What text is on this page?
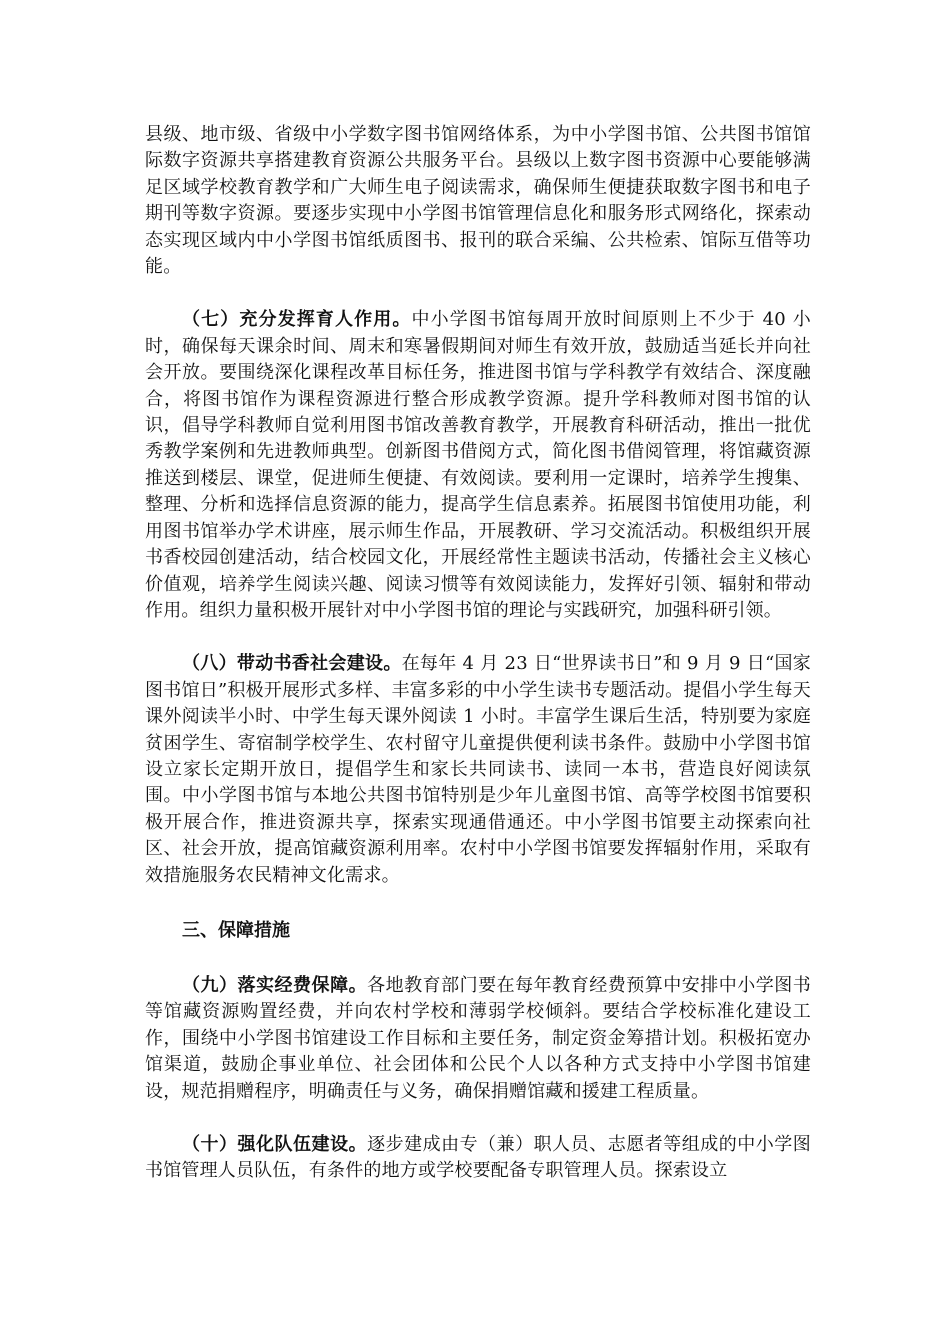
县级、地市级、省级中小学数字图书馆网络体系，为中小学图书馆、公共图书馆馆际数字资源共享搭建教育资源公共服务平台。县级以上数字图书资源中心要能够满足区域学校教育教学和广大师生电子阅读需求，确保师生便捷获取数字图书和电子期刊等数字资源。要逐步实现中小学图书馆管理信息化和服务形式网络化，探索动态实现区域内中小学图书馆纸质图书、报刊的联合采编、公共检索、馆际互借等功能。

（七）充分发挥育人作用。中小学图书馆每周开放时间原则上不少于 40 小时，确保每天课余时间、周末和寒暑假期间对师生有效开放，鼓励适当延长并向社会开放。要围绕深化课程改革目标任务，推进图书馆与学科教学有效结合、深度融合，将图书馆作为课程资源进行整合形成教学资源。提升学科教师对图书馆的认识，倡导学科教师自觉利用图书馆改善教育教学，开展教育科研活动，推出一批优秀教学案例和先进教师典型。创新图书借阅方式，简化图书借阅管理，将馆藏资源推送到楼层、课堂，促进师生便捷、有效阅读。要利用一定课时，培养学生搜集、整理、分析和选择信息资源的能力，提高学生信息素养。拓展图书馆使用功能，利用图书馆举办学术讲座，展示师生作品，开展教研、学习交流活动。积极组织开展书香校园创建活动，结合校园文化，开展经常性主题读书活动，传播社会主义核心价值观，培养学生阅读兴趣、阅读习惯等有效阅读能力，发挥好引领、辐射和带动作用。组织力量积极开展针对中小学图书馆的理论与实践研究，加强科研引领。

（八）带动书香社会建设。在每年 4 月 23 日“世界读书日”和 9 月 9 日“国家图书馆日”积极开展形式多样、丰富多彩的中小学生读书专题活动。提倡小学生每天课外阅读半小时、中学生每天课外阅读 1 小时。丰富学生课后生活，特别要为家庭贫困学生、寄宿制学校学生、农村留守儿童提供便利读书条件。鼓励中小学图书馆设立家长定期开放日，提倡学生和家长共同读书、读同一本书，营造良好阅读氛围。中小学图书馆与本地公共图书馆特别是少年儿童图书馆、高等学校图书馆要积极开展合作，推进资源共享，探索实现通借通还。中小学图书馆要主动探索向社区、社会开放，提高馆藏资源利用率。农村中小学图书馆要发挥辐射作用，采取有效措施服务农民精神文化需求。

三、保障措施

（九）落实经费保障。各地教育部门要在每年教育经费预算中安排中小学图书等馆藏资源购置经费，并向农村学校和薄弱学校倾斜。要结合学校标准化建设工作，围绕中小学图书馆建设工作目标和主要任务，制定资金筹措计划。积极拓宽办馆渠道，鼓励企事业单位、社会团体和公民个人以各种方式支持中小学图书馆建设，规范捐赠程序，明确责任与义务，确保捐赠馆藏和援建工程质量。

（十）强化队伍建设。逐步建成由专（兼）职人员、志愿者等组成的中小学图书馆管理人员队伍，有条件的地方或学校要配备专职管理人员。探索设立
